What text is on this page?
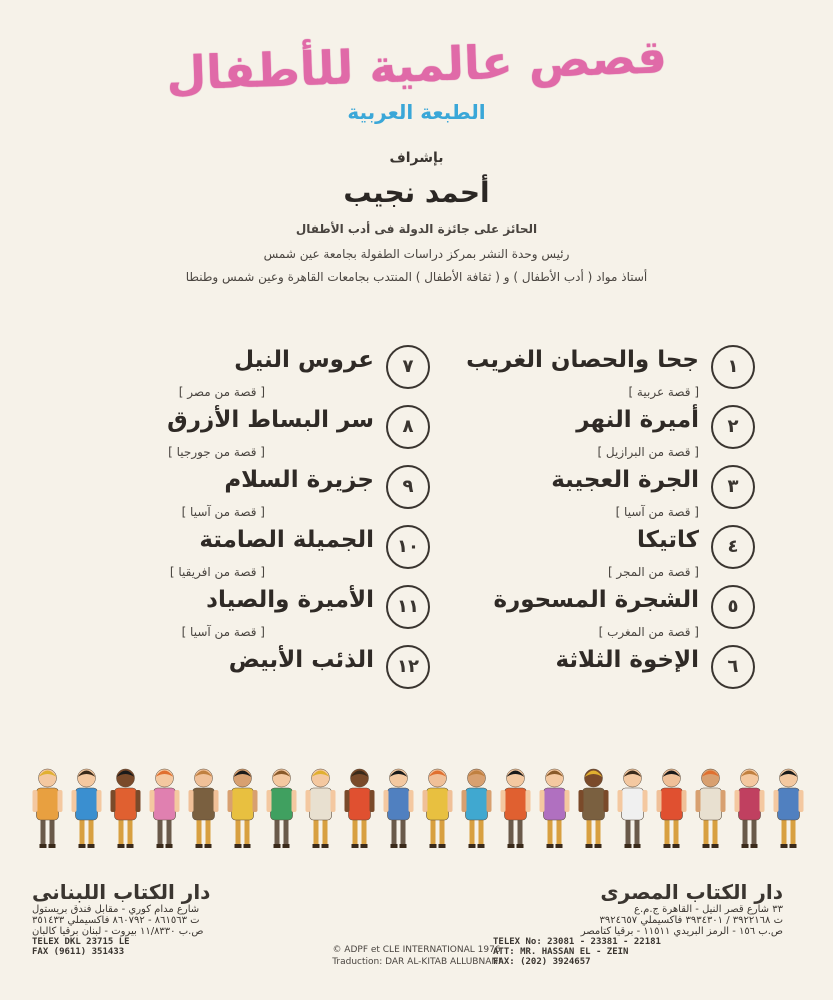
قصص عالمية للأطفال
الطبعة العربية
بإشراف
أحمد نجيب
الحائز على جائزة الدولة فى أدب الأطفال
رئيس وحدة النشر بمركز دراسات الطفولة بجامعة عين شمس
أستاذ مواد ( أدب الأطفال ) و ( ثقافة الأطفال ) المنتدب بجامعات القاهرة وعين شمس وطنطا
١
جحا والحصان الغريب
[ قصة عربية ]
٢
أميرة النهر
[ قصة من البرازيل ]
٣
الجرة العجيبة
[ قصة من آسيا ]
٤
كاتيكا
[ قصة من المجر ]
٥
الشجرة المسحورة
[ قصة من المغرب ]
٦
الإخوة الثلاثة
٧
عروس النيل
[ قصة من مصر ]
٨
سر البساط الأزرق
[ قصة من جورجيا ]
٩
جزيرة السلام
[ قصة من آسيا ]
١٠
الجميلة الصامتة
[ قصة من افريقيا ]
١١
الأميرة والصياد
[ قصة من آسيا ]
١٢
الذئب الأبيض
دار الكتاب اللبنانى
شارع مدام كوري - مقابل فندق بريستول
ت ٨٦١٥٦٣ - ٨٦٠٧٩٢ فاكسيملي ٣٥١٤٣٣
ص.ب ١١/٨٣٣٠ بيروت - لبنان برقيا كالبان
TELEX DKL 23715 LE
FAX (9611) 351433
دار الكتاب المصرى
٣٣ شارع قصر النيل - القاهرة ج.م.ع
ت ٣٩٢٢١٦٨ / ٣٩٣٤٣٠١ فاكسيملي ٣٩٢٤٦٥٧
ص.ب ١٥٦ - الرمز البريدي ١١٥١١ - برقيا كتامصر
TELEX No: 23081 - 23381 - 22181
ATT: MR. HASSAN EL - ZEIN
FAX: (202) 3924657
© ADPF et CLE INTERNATIONAL 1976
Traduction: DAR AL-KITAB ALLUBNANI
